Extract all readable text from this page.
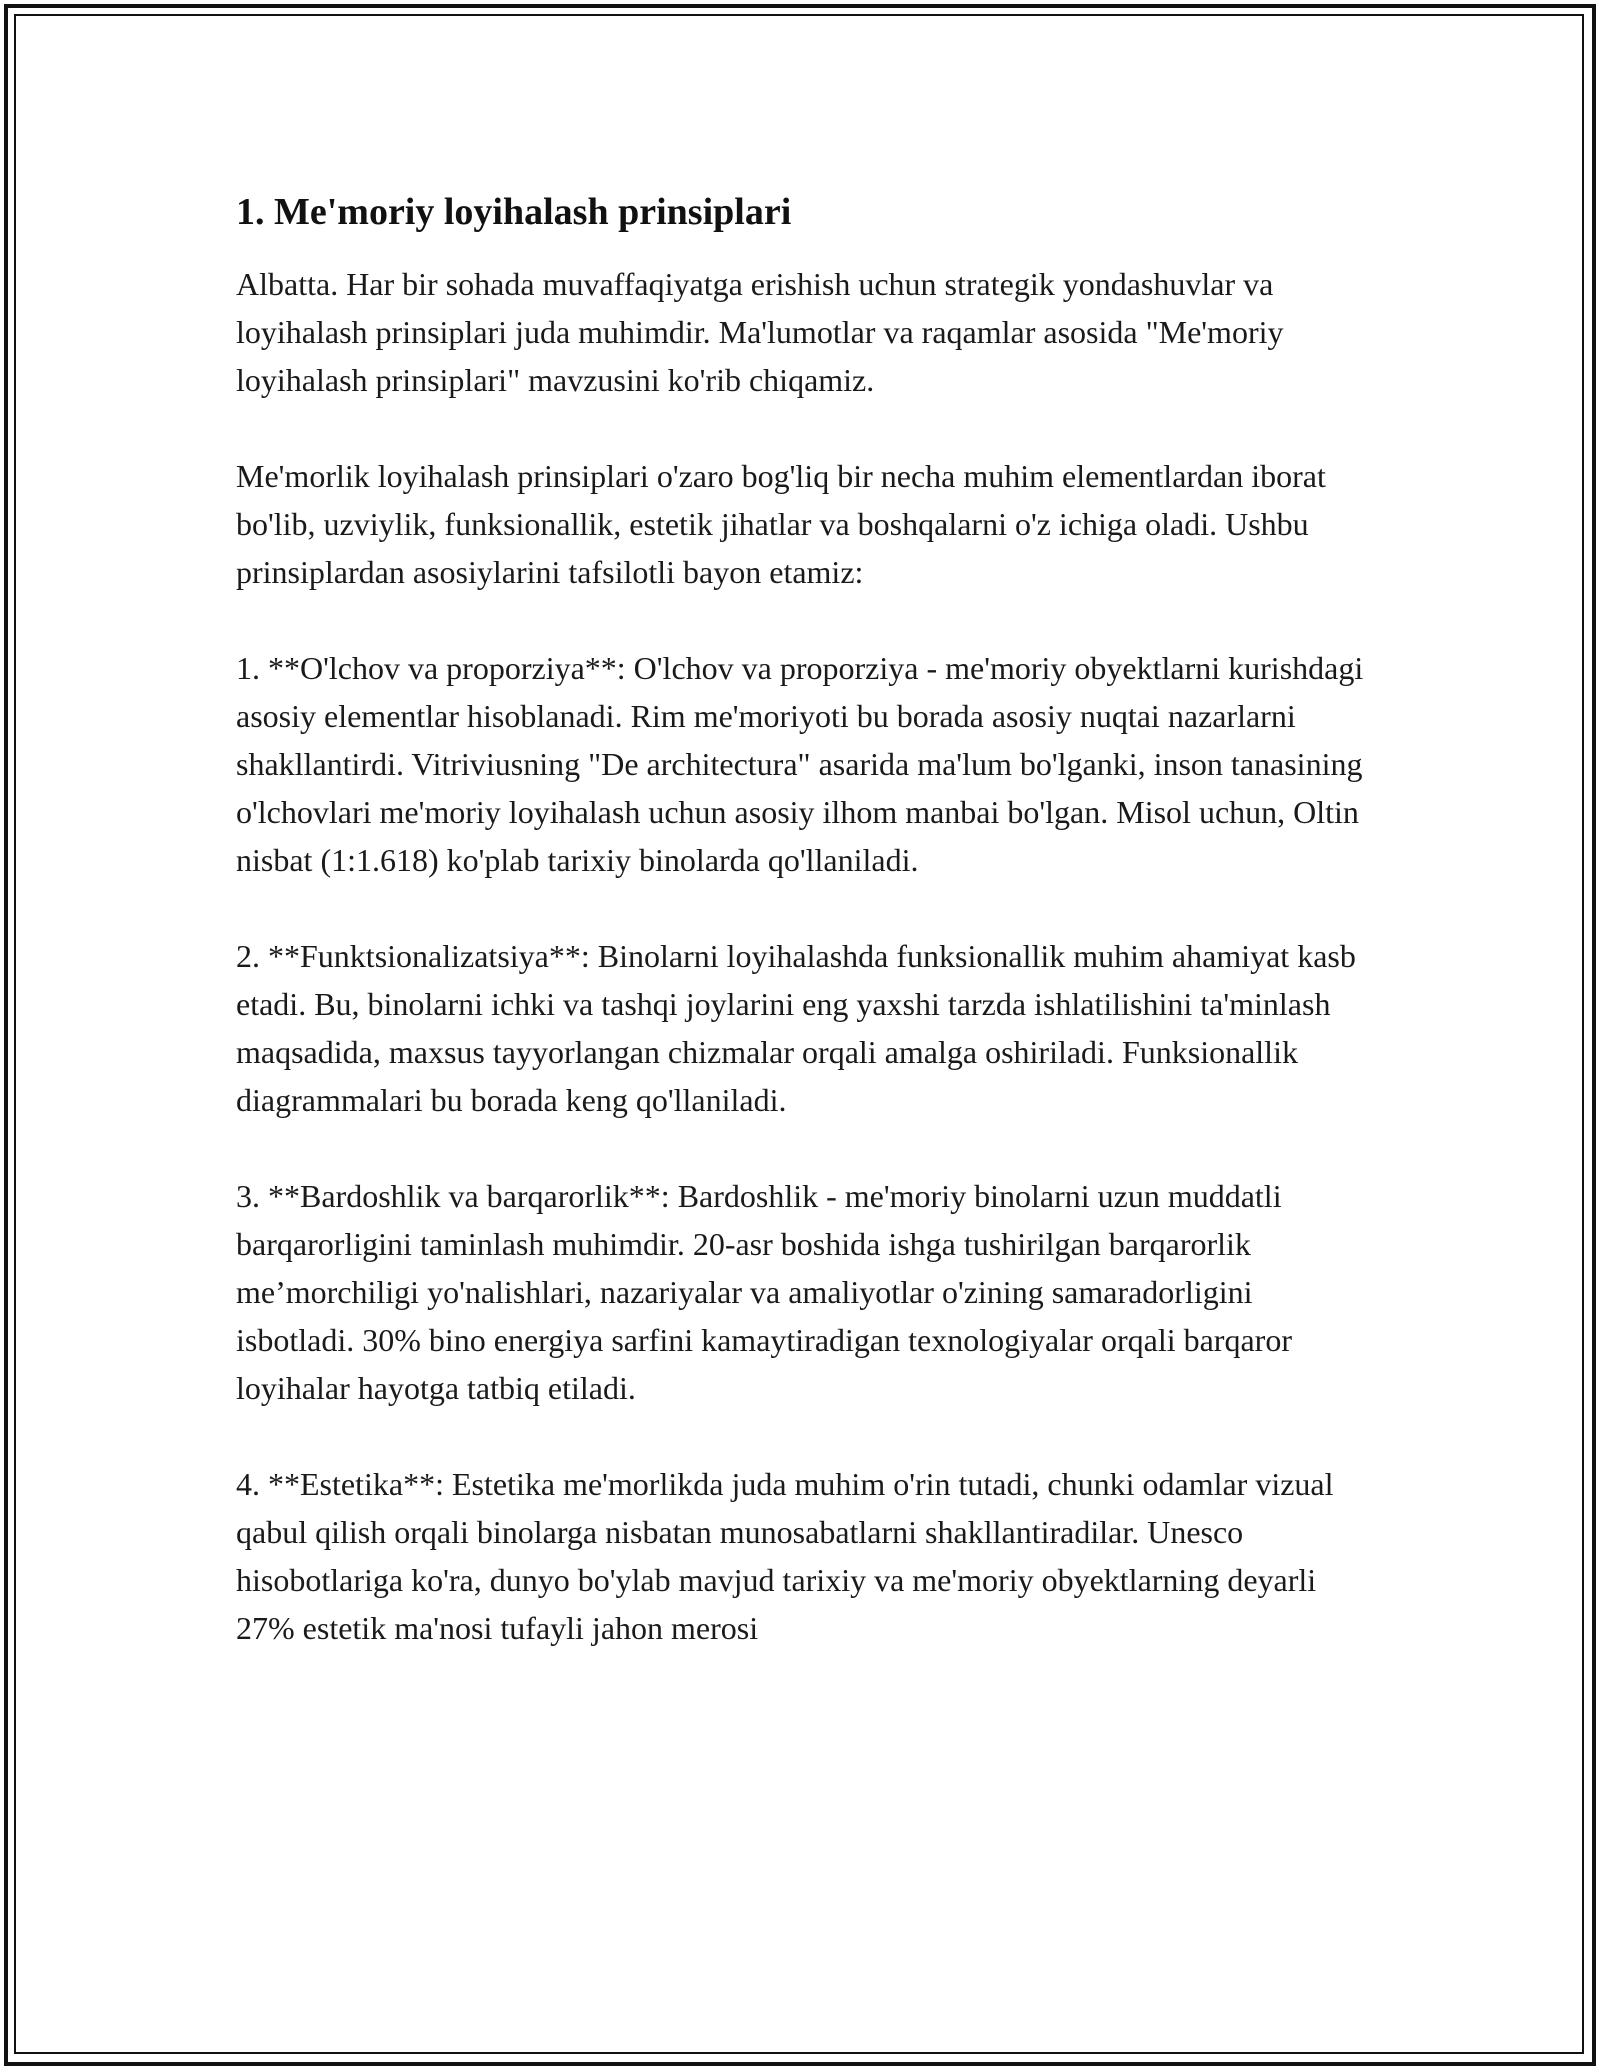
1. Me'moriy loyihalash prinsiplari

Albatta. Har bir sohada muvaffaqiyatga erishish uchun strategik yondashuvlar va loyihalash prinsiplari juda muhimdir. Ma'lumotlar va raqamlar asosida "Me'moriy loyihalash prinsiplari" mavzusini ko'rib chiqamiz.

Me'morlik loyihalash prinsiplari o'zaro bog'liq bir necha muhim elementlardan iborat bo'lib, uzviylik, funksionallik, estetik jihatlar va boshqalarni o'z ichiga oladi. Ushbu prinsiplardan asosiylarini tafsilotli bayon etamiz:

1. **O'lchov va proporziya**: O'lchov va proporziya - me'moriy obyektlarni kurishdagi asosiy elementlar hisoblanadi. Rim me'moriyoti bu borada asosiy nuqtai nazarlarni shakllantirdi. Vitriviusning "De architectura" asarida ma'lum bo'lganki, inson tanasining o'lchovlari me'moriy loyihalash uchun asosiy ilhom manbai bo'lgan. Misol uchun, Oltin nisbat (1:1.618) ko'plab tarixiy binolarda qo'llaniladi.

2. **Funktsionalizatsiya**: Binolarni loyihalashda funksionallik muhim ahamiyat kasb etadi. Bu, binolarni ichki va tashqi joylarini eng yaxshi tarzda ishlatilishini ta'minlash maqsadida, maxsus tayyorlangan chizmalar orqali amalga oshiriladi. Funksionallik diagrammalari bu borada keng qo'llaniladi.

3. **Bardoshlik va barqarorlik**: Bardoshlik - me'moriy binolarni uzun muddatli barqarorligini taminlash muhimdir. 20-asr boshida ishga tushirilgan barqarorlik me’morchiligi yo'nalishlari, nazariyalar va amaliyotlar o'zining samaradorligini isbotladi. 30% bino energiya sarfini kamaytiradigan texnologiyalar orqali barqaror loyihalar hayotga tatbiq etiladi.

4. **Estetika**: Estetika me'morlikda juda muhim o'rin tutadi, chunki odamlar vizual qabul qilish orqali binolarga nisbatan munosabatlarni shakllantiradilar. Unesco hisobotlariga ko'ra, dunyo bo'ylab mavjud tarixiy va me'moriy obyektlarning deyarli 27% estetik ma'nosi tufayli jahon merosi
